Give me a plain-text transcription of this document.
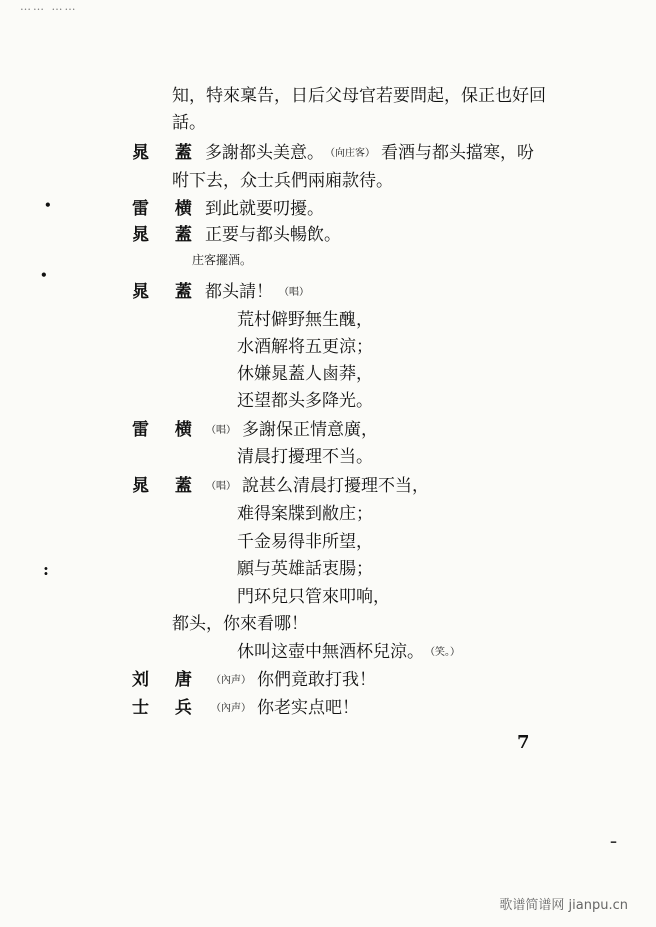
…… ……
知，特來稟告，日后父母官若要問起，保正也好回
話。
晁 蓋 多謝都头美意。 （向庄客） 看酒与都头擋寒，吩
咐下去，众士兵們兩廂款待。
雷 横 到此就要叨擾。
晁 蓋 正要与都头暢飲。
庄客擺酒。
晁 蓋 都头請！ （唱）
荒村僻野無生醜，
水酒解将五更涼；
休嫌晁蓋人鹵莽，
还望都头多降光。
雷 横 （唱） 多謝保正情意廣，
清晨打擾理不当。
晁 蓋 （唱） 說甚么清晨打擾理不当，
难得案牒到敝庄；
千金易得非所望，
願与英雄話衷腸；
門环兒只管來叩响，
都头，你來看哪！
休叫这壺中無酒杯兒涼。 （笑。）
刘 唐 （內声） 你們竟敢打我！
士 兵 （內声） 你老实点吧！
•
•
:
7
–
歌谱简谱网 jianpu.cn
